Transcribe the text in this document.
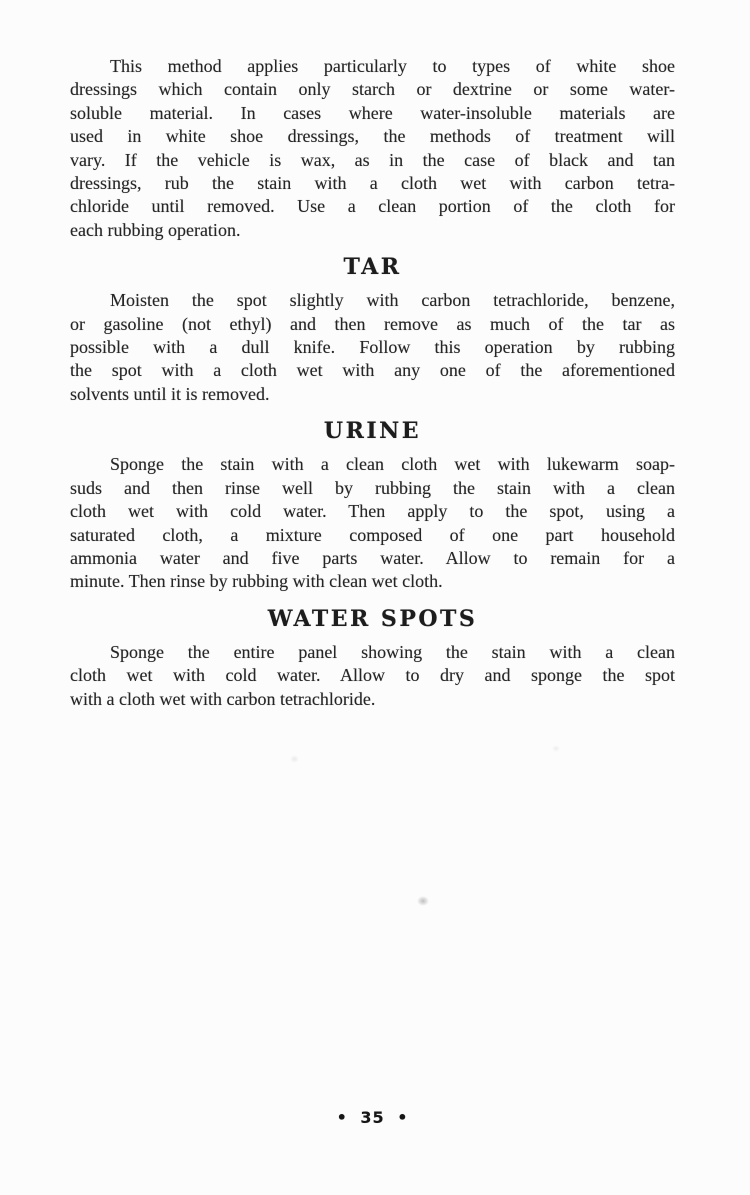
This method applies particularly to types of white shoe

dressings which contain only starch or dextrine or some water-

soluble material. In cases where water-insoluble materials are

used in white shoe dressings, the methods of treatment will

vary. If the vehicle is wax, as in the case of black and tan

dressings, rub the stain with a cloth wet with carbon tetra-

chloride until removed. Use a clean portion of the cloth for

each rubbing operation.

TAR

Moisten the spot slightly with carbon tetrachloride, benzene,

or gasoline (not ethyl) and then remove as much of the tar as

possible with a dull knife. Follow this operation by rubbing

the spot with a cloth wet with any one of the aforementioned

solvents until it is removed.

URINE

Sponge the stain with a clean cloth wet with lukewarm soap-

suds and then rinse well by rubbing the stain with a clean

cloth wet with cold water. Then apply to the spot, using a

saturated cloth, a mixture composed of one part household

ammonia water and five parts water. Allow to remain for a

minute. Then rinse by rubbing with clean wet cloth.

WATER SPOTS

Sponge the entire panel showing the stain with a clean

cloth wet with cold water. Allow to dry and sponge the spot

with a cloth wet with carbon tetrachloride.

• 35 •
